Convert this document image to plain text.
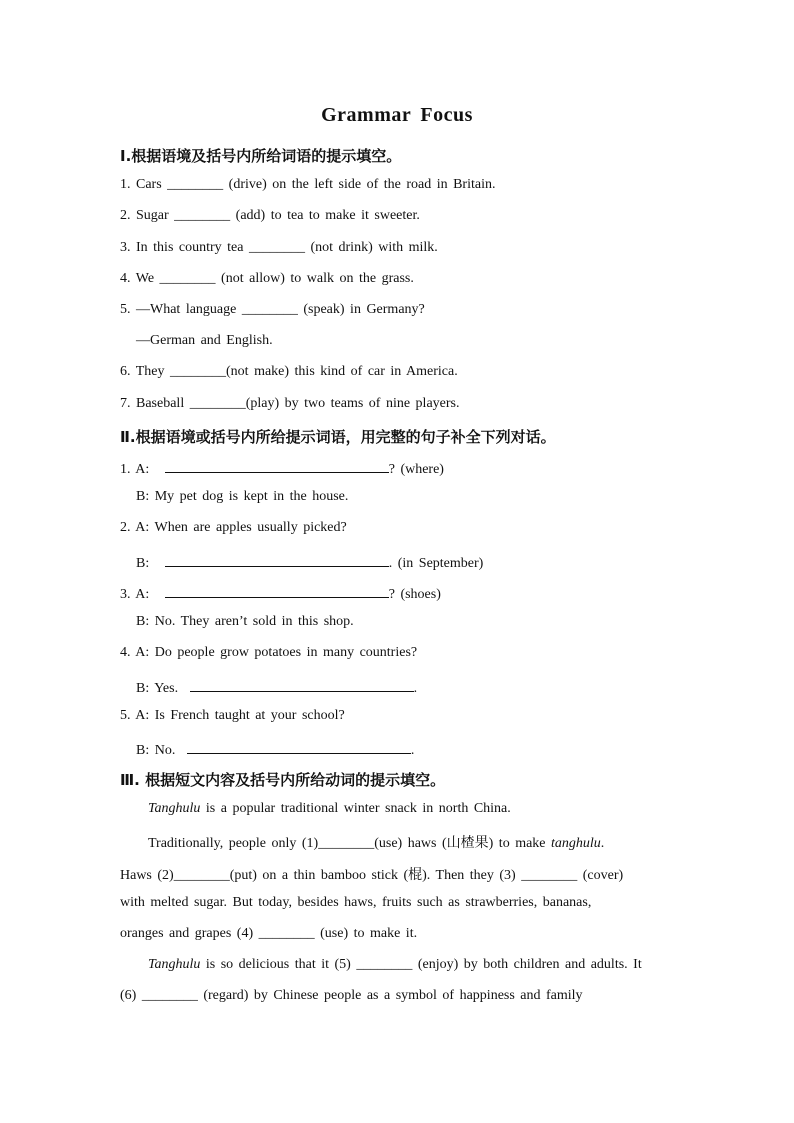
Grammar Focus
Ⅰ.根据语境及括号内所给词语的提示填空。
1. Cars ________ (drive) on the left side of the road in Britain.
2. Sugar ________ (add) to tea to make it sweeter.
3. In this country tea ________ (not drink) with milk.
4. We ________ (not allow) to walk on the grass.
5. —What language ________ (speak) in Germany?
—German and English.
6. They ________(not make) this kind of car in America.
7. Baseball ________(play) by two teams of nine players.
Ⅱ.根据语境或括号内所给提示词语，用完整的句子补全下列对话。
1. A:	? (where)
B: My pet dog is kept in the house.
2. A: When are apples usually picked?
B:	. (in September)
3. A:	? (shoes)
B: No. They aren’t sold in this shop.
4. A: Do people grow potatoes in many countries?
B: Yes.	.
5. A: Is French taught at your school?
B: No.	.
Ⅲ. 根据短文内容及括号内所给动词的提示填空。
Tanghulu is a popular traditional winter snack in north China.
Traditionally, people only (1)________(use) haws (山楂果) to make tanghulu.
Haws (2)________(put) on a thin bamboo stick (棍). Then they (3) ________ (cover)
with melted sugar. But today, besides haws, fruits such as strawberries, bananas,
oranges and grapes (4) ________ (use) to make it.
Tanghulu is so delicious that it (5) ________ (enjoy) by both children and adults. It
(6) ________ (regard) by Chinese people as a symbol of happiness and family
